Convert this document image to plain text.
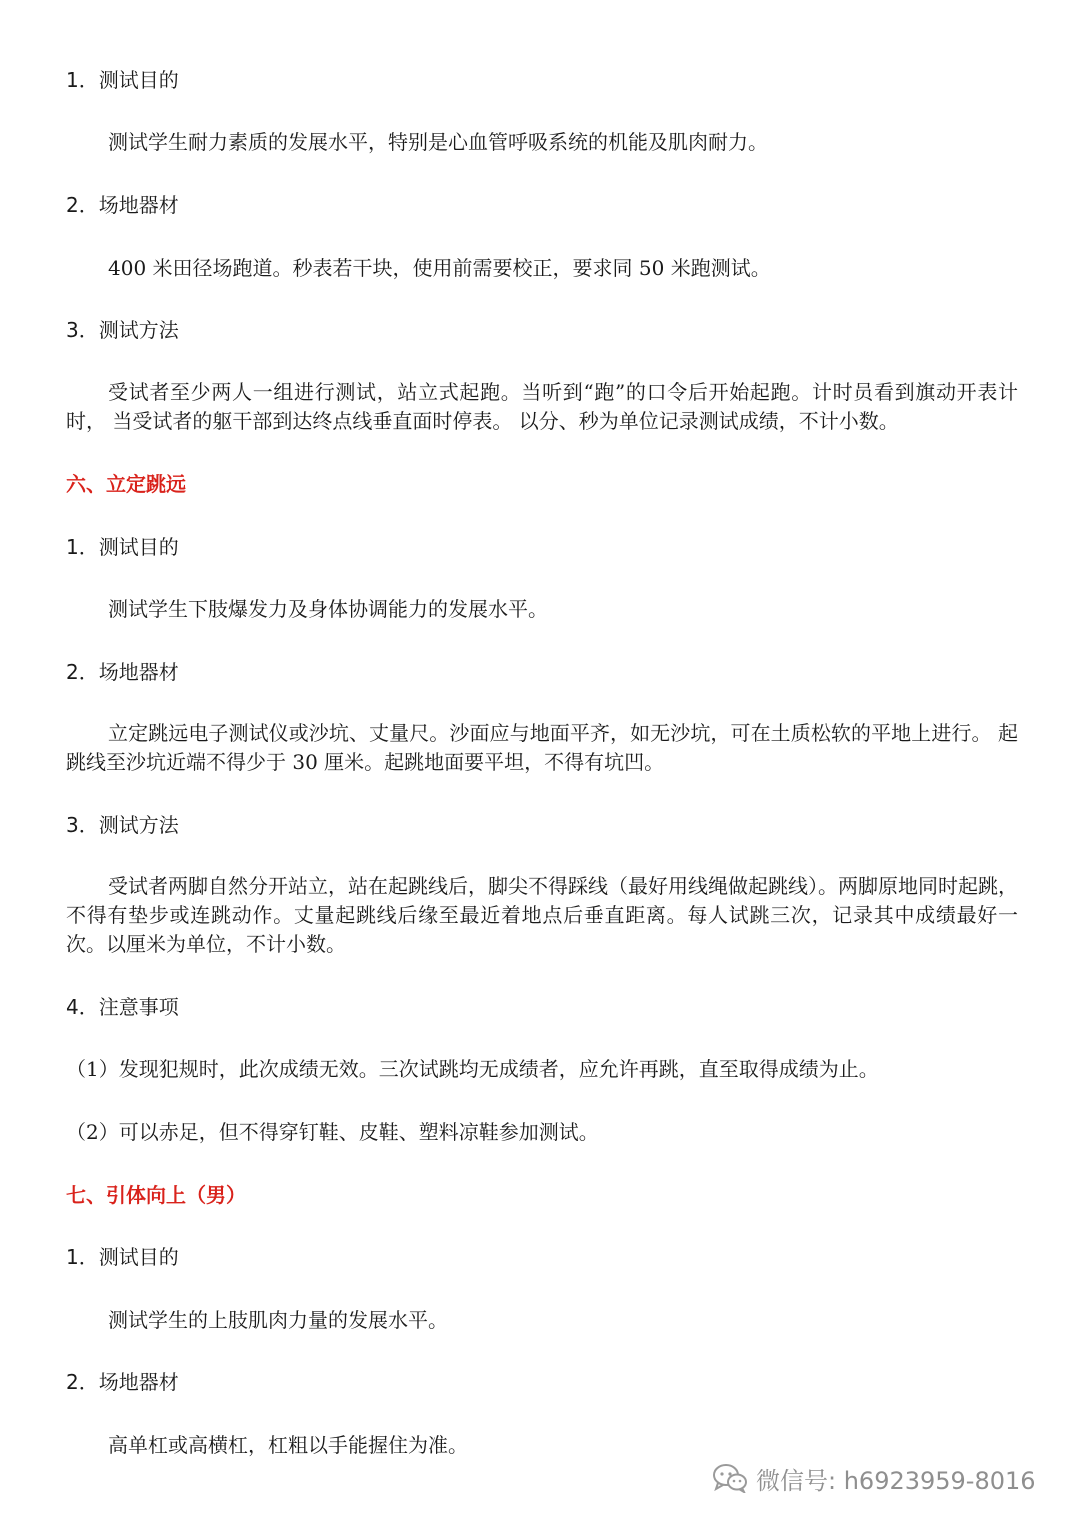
1．测试目的
测试学生耐力素质的发展水平，特别是心血管呼吸系统的机能及肌肉耐力。
2．场地器材
400 米田径场跑道。秒表若干块，使用前需要校正，要求同 50 米跑测试。
3．测试方法
受试者至少两人一组进行测试，站立式起跑。当听到“跑”的口令后开始起跑。计时员看到旗动开表计时， 当受试者的躯干部到达终点线垂直面时停表。 以分、秒为单位记录测试成绩，不计小数。
六、立定跳远
1．测试目的
测试学生下肢爆发力及身体协调能力的发展水平。
2．场地器材
立定跳远电子测试仪或沙坑、丈量尺。沙面应与地面平齐，如无沙坑，可在土质松软的平地上进行。 起跳线至沙坑近端不得少于 30 厘米。起跳地面要平坦，不得有坑凹。
3．测试方法
受试者两脚自然分开站立，站在起跳线后，脚尖不得踩线（最好用线绳做起跳线）。两脚原地同时起跳，不得有垫步或连跳动作。丈量起跳线后缘至最近着地点后垂直距离。每人试跳三次，记录其中成绩最好一次。以厘米为单位，不计小数。
4．注意事项
（1）发现犯规时，此次成绩无效。三次试跳均无成绩者，应允许再跳，直至取得成绩为止。
（2）可以赤足，但不得穿钉鞋、皮鞋、塑料凉鞋参加测试。
七、引体向上（男）
1．测试目的
测试学生的上肢肌肉力量的发展水平。
2．场地器材
高单杠或高横杠，杠粗以手能握住为准。
微信号: h6923959-8016
